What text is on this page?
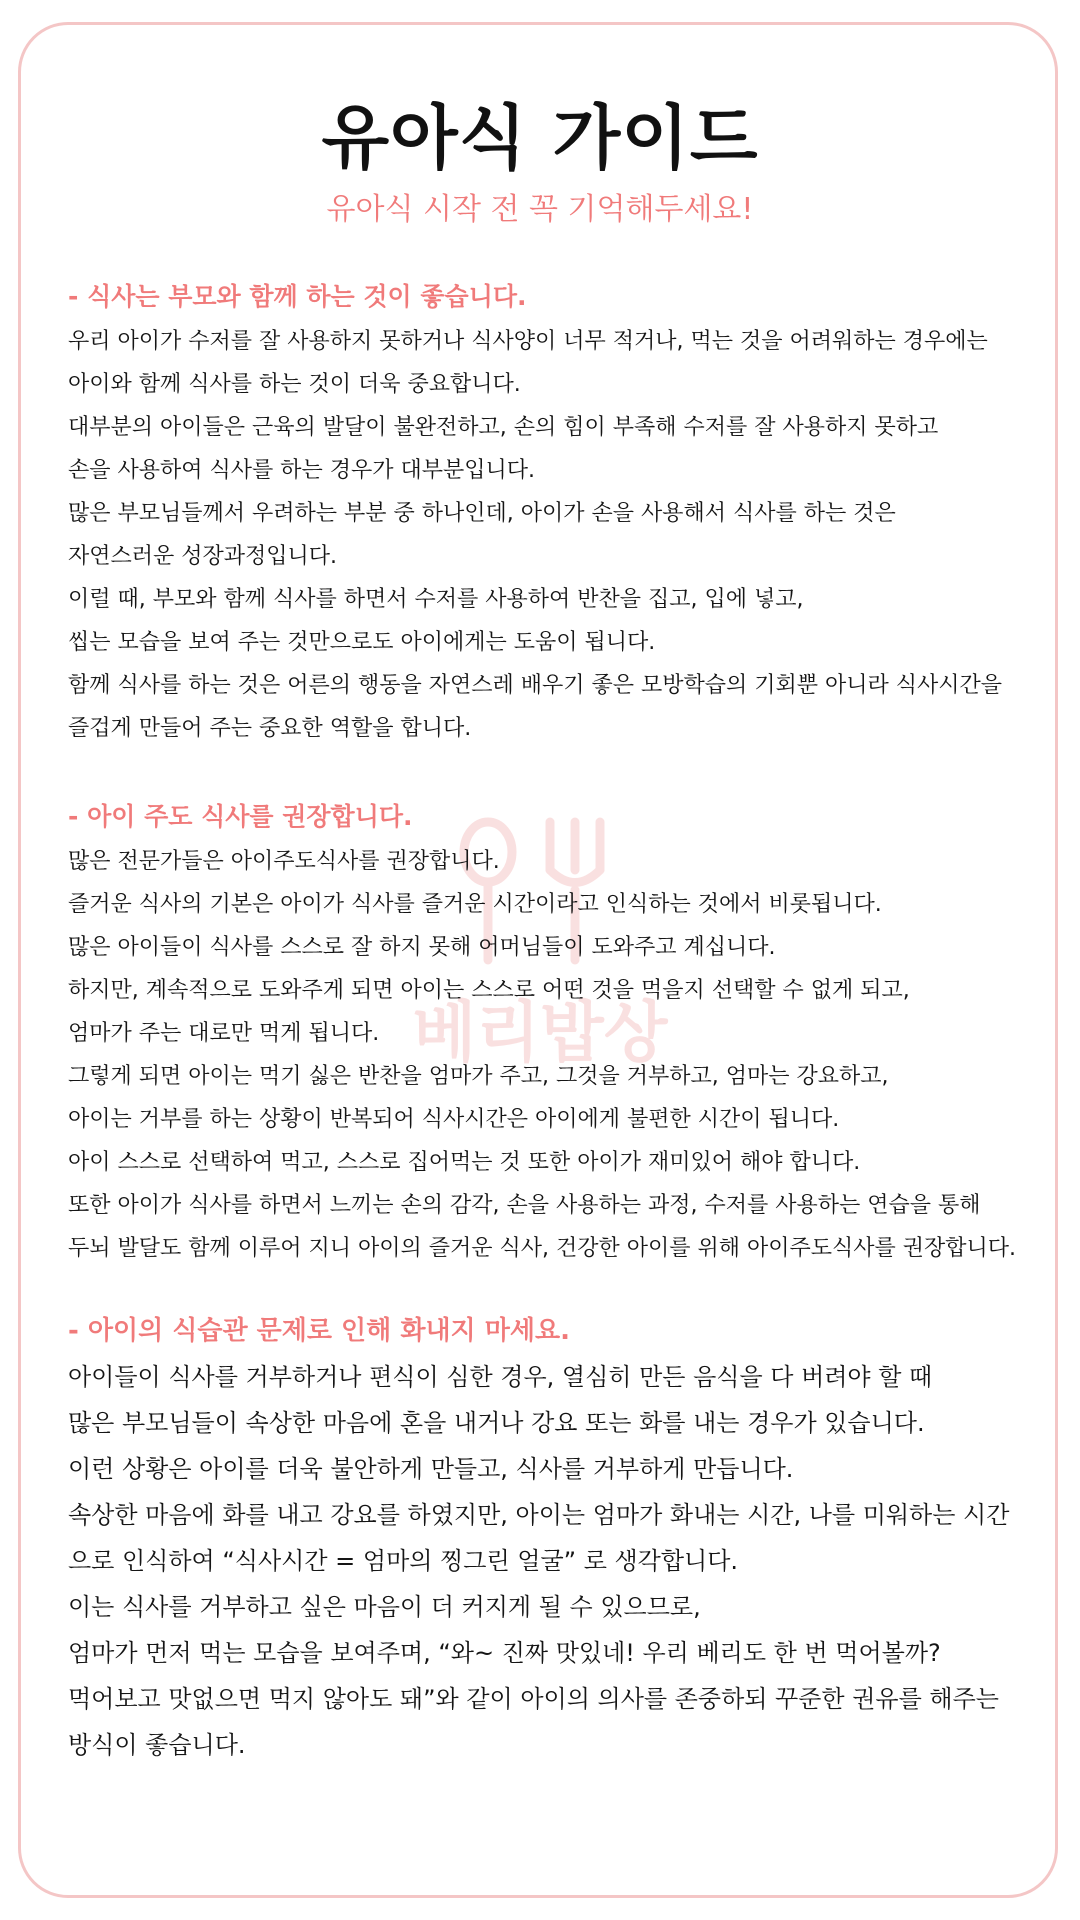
유아식 가이드
유아식 시작 전 꼭 기억해두세요!
베리밥상
- 식사는 부모와 함께 하는 것이 좋습니다.
우리 아이가 수저를 잘 사용하지 못하거나 식사양이 너무 적거나, 먹는 것을 어려워하는 경우에는
아이와 함께 식사를 하는 것이 더욱 중요합니다.
대부분의 아이들은 근육의 발달이 불완전하고, 손의 힘이 부족해 수저를 잘 사용하지 못하고
손을 사용하여 식사를 하는 경우가 대부분입니다.
많은 부모님들께서 우려하는 부분 중 하나인데, 아이가 손을 사용해서 식사를 하는 것은
자연스러운 성장과정입니다.
이럴 때, 부모와 함께 식사를 하면서 수저를 사용하여 반찬을 집고, 입에 넣고,
씹는 모습을 보여 주는 것만으로도 아이에게는 도움이 됩니다.
함께 식사를 하는 것은 어른의 행동을 자연스레 배우기 좋은 모방학습의 기회뿐 아니라 식사시간을
즐겁게 만들어 주는 중요한 역할을 합니다.
- 아이 주도 식사를 권장합니다.
많은 전문가들은 아이주도식사를 권장합니다.
즐거운 식사의 기본은 아이가 식사를 즐거운 시간이라고 인식하는 것에서 비롯됩니다.
많은 아이들이 식사를 스스로 잘 하지 못해 어머님들이 도와주고 계십니다.
하지만, 계속적으로 도와주게 되면 아이는 스스로 어떤 것을 먹을지 선택할 수 없게 되고,
엄마가 주는 대로만 먹게 됩니다.
그렇게 되면 아이는 먹기 싫은 반찬을 엄마가 주고, 그것을 거부하고, 엄마는 강요하고,
아이는 거부를 하는 상황이 반복되어 식사시간은 아이에게 불편한 시간이 됩니다.
아이 스스로 선택하여 먹고, 스스로 집어먹는 것 또한 아이가 재미있어 해야 합니다.
또한 아이가 식사를 하면서 느끼는 손의 감각, 손을 사용하는 과정, 수저를 사용하는 연습을 통해
두뇌 발달도 함께 이루어 지니 아이의 즐거운 식사, 건강한 아이를 위해 아이주도식사를 권장합니다.
- 아이의 식습관 문제로 인해 화내지 마세요.
아이들이 식사를 거부하거나 편식이 심한 경우, 열심히 만든 음식을 다 버려야 할 때
많은 부모님들이 속상한 마음에 혼을 내거나 강요 또는 화를 내는 경우가 있습니다.
이런 상황은 아이를 더욱 불안하게 만들고, 식사를 거부하게 만듭니다.
속상한 마음에 화를 내고 강요를 하였지만, 아이는 엄마가 화내는 시간, 나를 미워하는 시간
으로 인식하여 “식사시간 = 엄마의 찡그린 얼굴” 로 생각합니다.
이는 식사를 거부하고 싶은 마음이 더 커지게 될 수 있으므로,
엄마가 먼저 먹는 모습을 보여주며, “와~ 진짜 맛있네! 우리 베리도 한 번 먹어볼까?
먹어보고 맛없으면 먹지 않아도 돼”와 같이 아이의 의사를 존중하되 꾸준한 권유를 해주는
방식이 좋습니다.
